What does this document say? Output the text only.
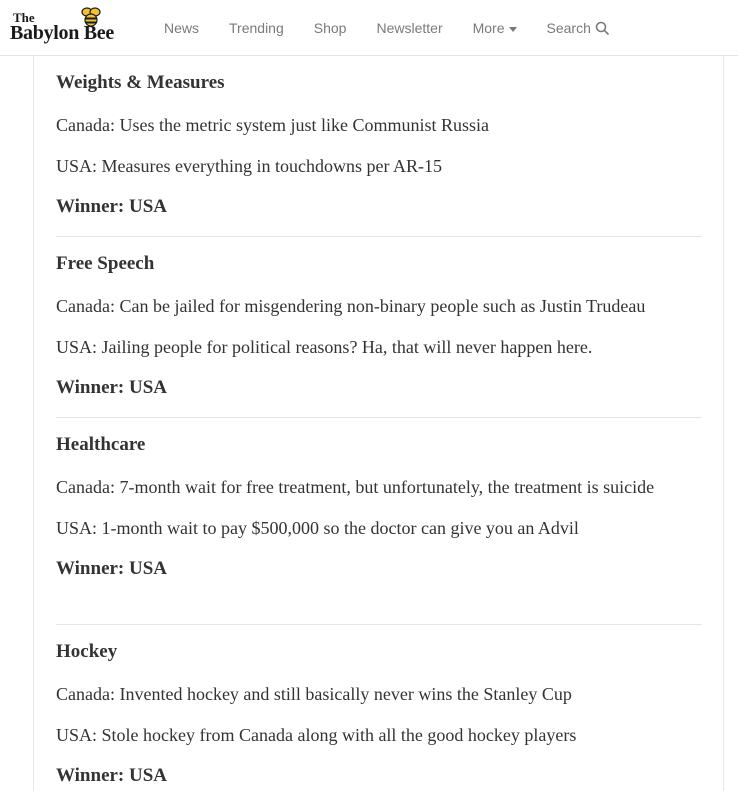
The
Babylon Bee	News Trending Shop Newsletter More	Search
Weights & Measures

Canada: Uses the metric system just like Communist Russia

USA: Measures everything in touchdowns per AR-15

Winner: USA
Free Speech

Canada: Can be jailed for misgendering non-binary people such as Justin Trudeau

USA: Jailing people for political reasons? Ha, that will never happen here.

Winner: USA
Healthcare

Canada: 7-month wait for free treatment, but unfortunately, the treatment is suicide

USA: 1-month wait to pay $500,000 so the doctor can give you an Advil

Winner: USA
Hockey

Canada: Invented hockey and still basically never wins the Stanley Cup

USA: Stole hockey from Canada along with all the good hockey players

Winner: USA
